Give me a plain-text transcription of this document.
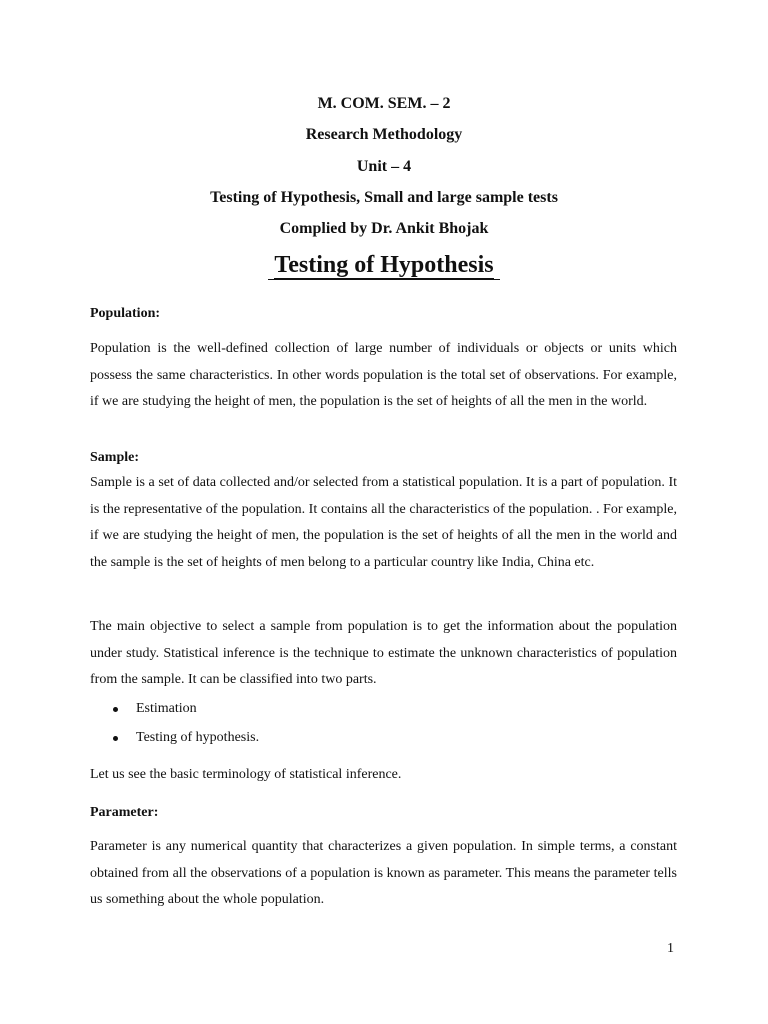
M. COM. SEM. – 2
Research Methodology
Unit – 4
Testing of Hypothesis, Small and large sample tests
Complied by Dr. Ankit Bhojak
Testing of Hypothesis
Population:

Population is the well-defined collection of large number of individuals or objects or units which possess the same characteristics. In other words population is the total set of observations. For example, if we are studying the height of men, the population is the set of heights of all the men in the world.

Sample:

Sample is a set of data collected and/or selected from a statistical population. It is a part of population. It is the representative of the population. It contains all the characteristics of the population. . For example, if we are studying the height of men, the population is the set of heights of all the men in the world and the sample is the set of heights of men belong to a particular country like India, China etc.

The main objective to select a sample from population is to get the information about the population under study. Statistical inference is the technique to estimate the unknown characteristics of population from the sample. It can be classified into two parts.

Estimation
Testing of hypothesis.
Let us see the basic terminology of statistical inference.
Parameter:

Parameter is any numerical quantity that characterizes a given population. In simple terms, a constant obtained from all the observations of a population is known as parameter. This means the parameter tells us something about the whole population.

1
